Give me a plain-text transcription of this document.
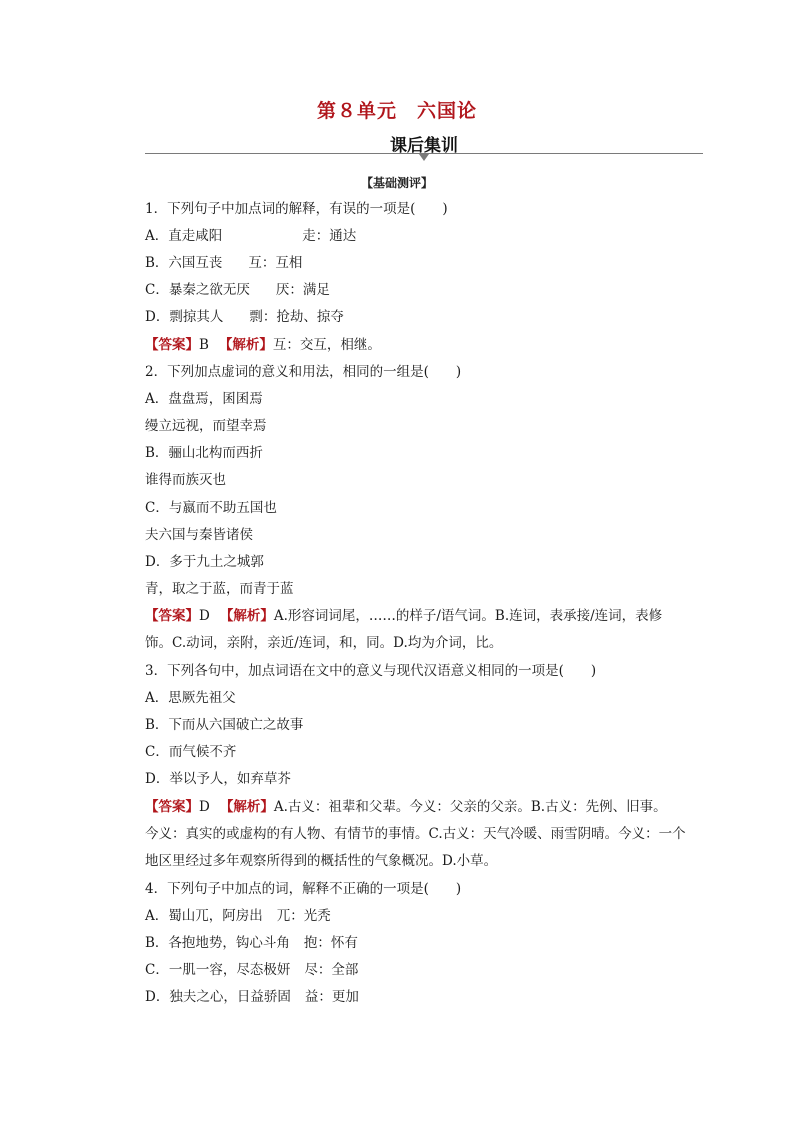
第８单元　六国论
课后集训
【基础测评】
1．下列句子中加点词的解释，有误的一项是(　　)
A．直走咸阳	走：通达
B．六国互丧 互：互相
C．暴秦之欲无厌 厌：满足
D．剽掠其人 剽：抢劫、掠夺
【答案】B 【解析】互：交互，相继。
2．下列加点虚词的意义和用法，相同的一组是(　　)
A．盘盘焉，囷囷焉
缦立远视，而望幸焉
B．骊山北构而西折
谁得而族灭也
C．与嬴而不助五国也
夫六国与秦皆诸侯
D．多于九土之城郭
青，取之于蓝，而青于蓝
【答案】D 【解析】A.形容词词尾，……的样子/语气词。B.连词，表承接/连词，表修
饰。C.动词，亲附，亲近/连词，和，同。D.均为介词，比。
3．下列各句中，加点词语在文中的意义与现代汉语意义相同的一项是(　　)
A．思厥先祖父
B．下而从六国破亡之故事
C．而气候不齐
D．举以予人，如弃草芥
【答案】D 【解析】A.古义：祖辈和父辈。今义：父亲的父亲。B.古义：先例、旧事。
今义：真实的或虚构的有人物、有情节的事情。C.古义：天气冷暖、雨雪阴晴。今义：一个
地区里经过多年观察所得到的概括性的气象概况。D.小草。
4．下列句子中加点的词，解释不正确的一项是(　　)
A．蜀山兀，阿房出 兀：光秃
B．各抱地势，钩心斗角 抱：怀有
C．一肌一容，尽态极妍 尽：全部
D．独夫之心，日益骄固 益：更加
